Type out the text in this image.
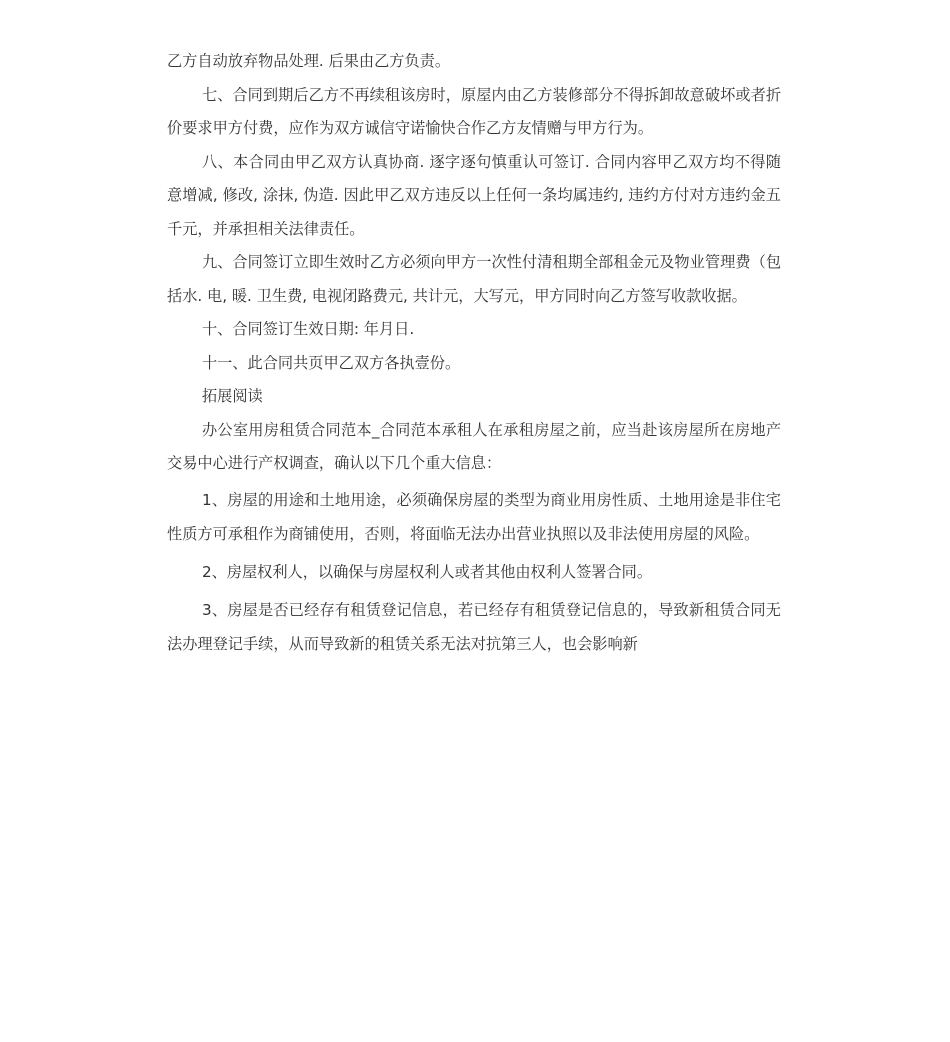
乙方自动放弃物品处理. 后果由乙方负责。

七、合同到期后乙方不再续租该房时，原屋内由乙方装修部分不得拆卸故意破坏或者折价要求甲方付费，应作为双方诚信守诺愉快合作乙方友情赠与甲方行为。

八、本合同由甲乙双方认真协商. 逐字逐句慎重认可签订. 合同内容甲乙双方均不得随意增减, 修改, 涂抹, 伪造. 因此甲乙双方违反以上任何一条均属违约, 违约方付对方违约金五千元，并承担相关法律责任。

九、合同签订立即生效时乙方必须向甲方一次性付清租期全部租金元及物业管理费（包括水. 电, 暖. 卫生费, 电视闭路费元, 共计元，大写元，甲方同时向乙方签写收款收据。

十、合同签订生效日期: 年月日.

十一、此合同共页甲乙双方各执壹份。

拓展阅读

办公室用房租赁合同范本_合同范本承租人在承租房屋之前，应当赴该房屋所在房地产交易中心进行产权调查，确认以下几个重大信息：

1、房屋的用途和土地用途，必须确保房屋的类型为商业用房性质、土地用途是非住宅性质方可承租作为商铺使用，否则，将面临无法办出营业执照以及非法使用房屋的风险。

2、房屋权利人，以确保与房屋权利人或者其他由权利人签署合同。

3、房屋是否已经存有租赁登记信息，若已经存有租赁登记信息的，导致新租赁合同无法办理登记手续，从而导致新的租赁关系无法对抗第三人，也会影响新
